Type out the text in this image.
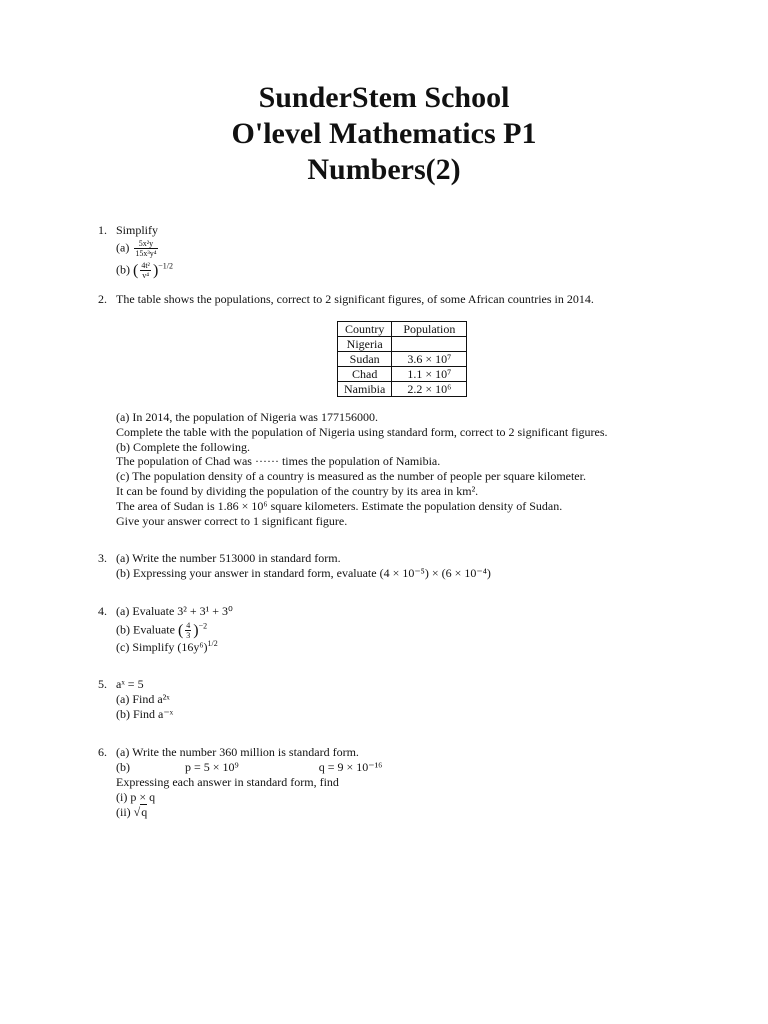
SunderStem School
O'level Mathematics P1
Numbers(2)
1. Simplify
$(a) \frac{\text{5x²y}}{\text{15x³y⁴}}$
(b) ( $\frac{\text{4t²}}{\text{v⁴}} )^{-1/2}$
2. The table shows the populations, correct to 2 significant figures, of some African countries in 2014.
Country	Population
Nigeria	
Sudan	3.6 × 10⁷
Chad	1.1 × 10⁷
Namibia	2.2 × 10⁶
(a) In 2014, the population of Nigeria was 177156000.
Complete the table with the population of Nigeria using standard form, correct to 2 significant figures.
(b) Complete the following.
The population of Chad was ······ times the population of Namibia.
(c) The population density of a country is measured as the number of people per square kilometer.
It can be found by dividing the population of the country by its area in km².
The area of Sudan is 1.86 × 10⁶ square kilometers. Estimate the population density of Sudan.
Give your answer correct to 1 significant figure.
3. (a) Write the number 513000 in standard form.
(b) Expressing your answer in standard form, evaluate (4 × 10⁻⁵) × (6 × 10⁻⁴)
4. (a) Evaluate 3² + 3¹ + 3⁰
(b) Evaluate ( $\frac{4}{3} )^{-2}$
(c) Simplify $(16y^6)^{1/2}$
5. aˣ = 5
(a) Find a²ˣ
(b) Find a⁻ˣ
6. (a) Write the number 360 million is standard form.
(b)	p = 5 × 10⁹	q = 9 × 10⁻¹⁶
Expressing each answer in standard form, find
(i) p × q
(ii) √q
